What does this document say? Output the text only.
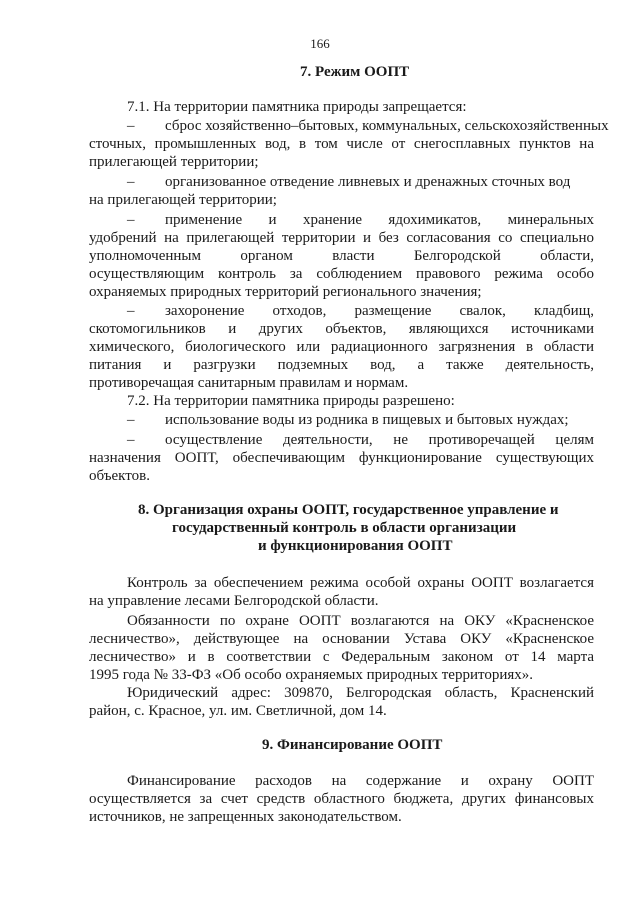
166
7. Режим ООПТ
7.1. На территории памятника природы запрещается:
– сброс хозяйственно–бытовых, коммунальных, сельскохозяйственных
сточных, промышленных вод, в том числе от снегосплавных пунктов на
прилегающей территории;
– организованное отведение ливневых и дренажных сточных вод
на прилегающей территории;
– применение и хранение ядохимикатов, минеральных
удобрений на прилегающей территории и без согласования со специально
уполномоченным органом власти Белгородской области,
осуществляющим контроль за соблюдением правового режима особо
охраняемых природных территорий регионального значения;
– захоронение отходов, размещение свалок, кладбищ,
скотомогильников и других объектов, являющихся источниками
химического, биологического или радиационного загрязнения в области
питания и разгрузки подземных вод, а также деятельность,
противоречащая санитарным правилам и нормам.
7.2. На территории памятника природы разрешено:
– использование воды из родника в пищевых и бытовых нуждах;
– осуществление деятельности, не противоречащей целям
назначения ООПТ, обеспечивающим функционирование существующих
объектов.
8. Организация охраны ООПТ, государственное управление и
государственный контроль в области организации
и функционирования ООПТ
Контроль за обеспечением режима особой охраны ООПТ возлагается
на управление лесами Белгородской области.
Обязанности по охране ООПТ возлагаются на ОКУ «Красненское
лесничество», действующее на основании Устава ОКУ «Красненское
лесничество» и в соответствии с Федеральным законом от 14 марта
1995 года № 33-ФЗ «Об особо охраняемых природных территориях».
Юридический адрес: 309870, Белгородская область, Красненский
район, с. Красное, ул. им. Светличной, дом 14.
9. Финансирование ООПТ
Финансирование расходов на содержание и охрану ООПТ
осуществляется за счет средств областного бюджета, других финансовых
источников, не запрещенных законодательством.
